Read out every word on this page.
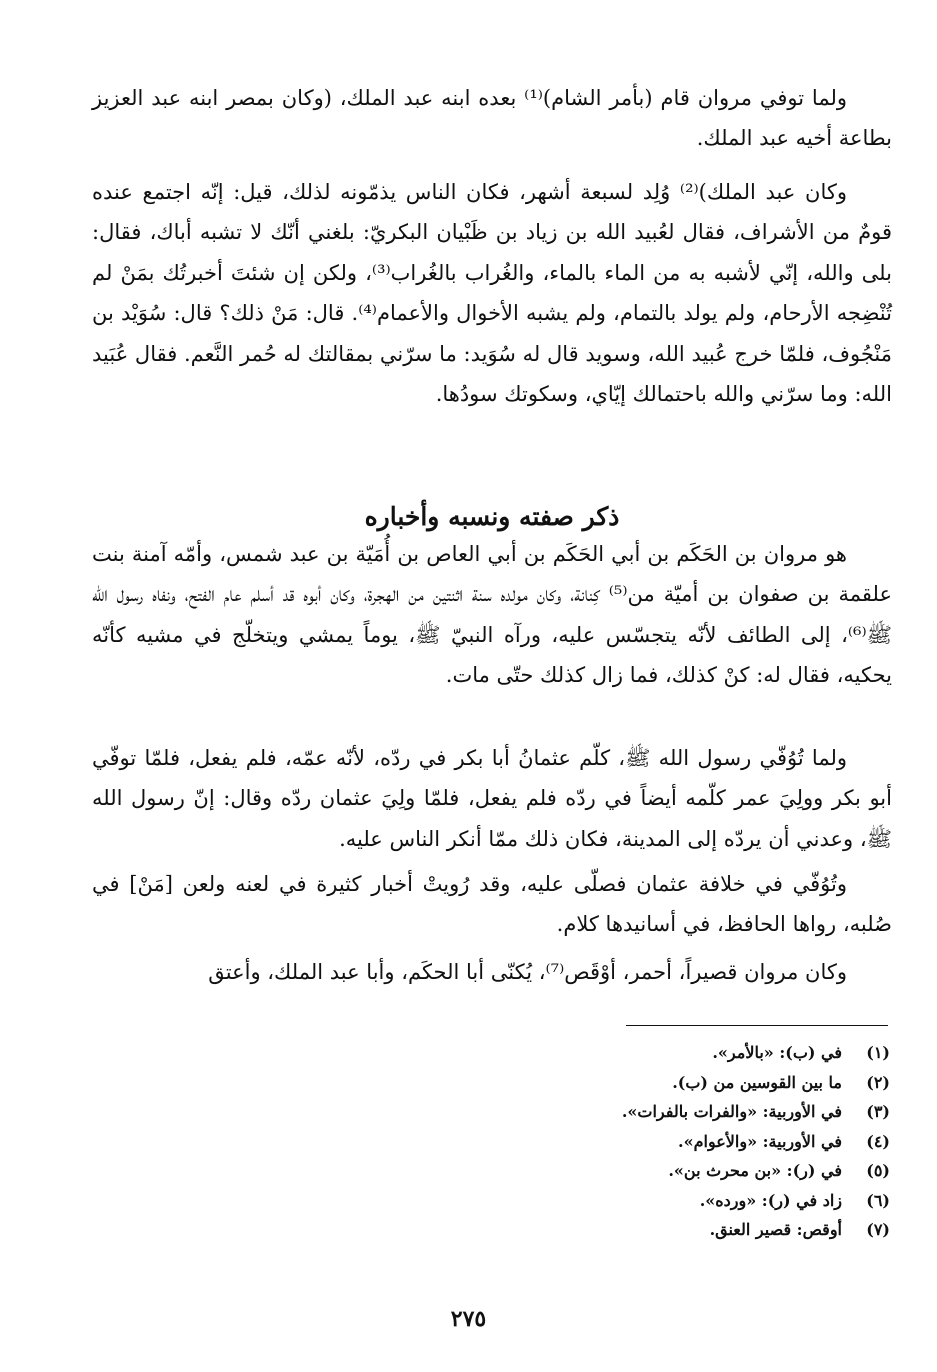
ولما توفي مروان قام (بأمر الشام)⁽¹⁾ بعده ابنه عبد الملك، (وكان بمصر ابنه عبد العزيز بطاعة أخيه عبد الملك.

وكان عبد الملك)⁽²⁾ وُلِد لسبعة أشهر، فكان الناس يذمّونه لذلك، قيل: إنّه اجتمع عنده قومٌ من الأشراف، فقال لعُبيد الله بن زياد بن ظَبْيان البكريّ: بلغني أنّك لا تشبه أباك، فقال: بلى والله، إنّي لأشبه به من الماء بالماء، والغُراب بالغُراب⁽³⁾، ولكن إن شئتَ أخبرتُك بمَنْ لم تُنْضِجه الأرحام، ولم يولد بالتمام، ولم يشبه الأخوال والأعمام⁽⁴⁾. قال: مَنْ ذلك؟ قال: سُوَيْد بن مَنْجُوف، فلمّا خرج عُبيد الله، وسويد قال له سُوَيد: ما سرّني بمقالتك له حُمر النَّعم. فقال عُبَيد الله: وما سرّني والله باحتمالك إيّاي، وسكوتك سودُها.

ذكر صفته ونسبه وأخباره

هو مروان بن الحَكَم بن أبي الحَكَم بن أبي العاص بن أُمَيّة بن عبد شمس، وأمّه آمنة بنت علقمة بن صفوان بن أميّة من⁽⁵⁾ كِنانة، وكان مولده سنة اثنتين من الهجرة، وكان أبوه قد أسلم عام الفتح، ونفاه رسول الله ﷺ⁽⁶⁾، إلى الطائف لأنّه يتجسّس عليه، ورآه النبيّ ﷺ، يوماً يمشي ويتخلّج في مشيه كأنّه يحكيه، فقال له: كنْ كذلك، فما زال كذلك حتّى مات.

ولما تُوُفّي رسول الله ﷺ، كلّم عثمانُ أبا بكر في ردّه، لأنّه عمّه، فلم يفعل، فلمّا توفّي أبو بكر وولِيَ عمر كلّمه أيضاً في ردّه فلم يفعل، فلمّا ولِيَ عثمان ردّه وقال: إنّ رسول الله ﷺ، وعدني أن يردّه إلى المدينة، فكان ذلك ممّا أنكر الناس عليه.

وتُوُفّي في خلافة عثمان فصلّى عليه، وقد رُويتْ أخبار كثيرة في لعنه ولعن [مَنْ] في صُلبه، رواها الحافظ، في أسانيدها كلام.

وكان مروان قصيراً، أحمر، أوْقَص⁽⁷⁾، يُكنّى أبا الحكَم، وأبا عبد الملك، وأعتق

(١)
في (ب): «بالأمر».
(٢)
ما بين القوسين من (ب).
(٣)
في الأوربية: «والفرات بالفرات».
(٤)
في الأوربية: «والأعوام».
(٥)
في (ر): «بن محرث بن».
(٦)
زاد في (ر): «ورده».
(٧)
أوقص: قصير العنق.
٢٧٥
